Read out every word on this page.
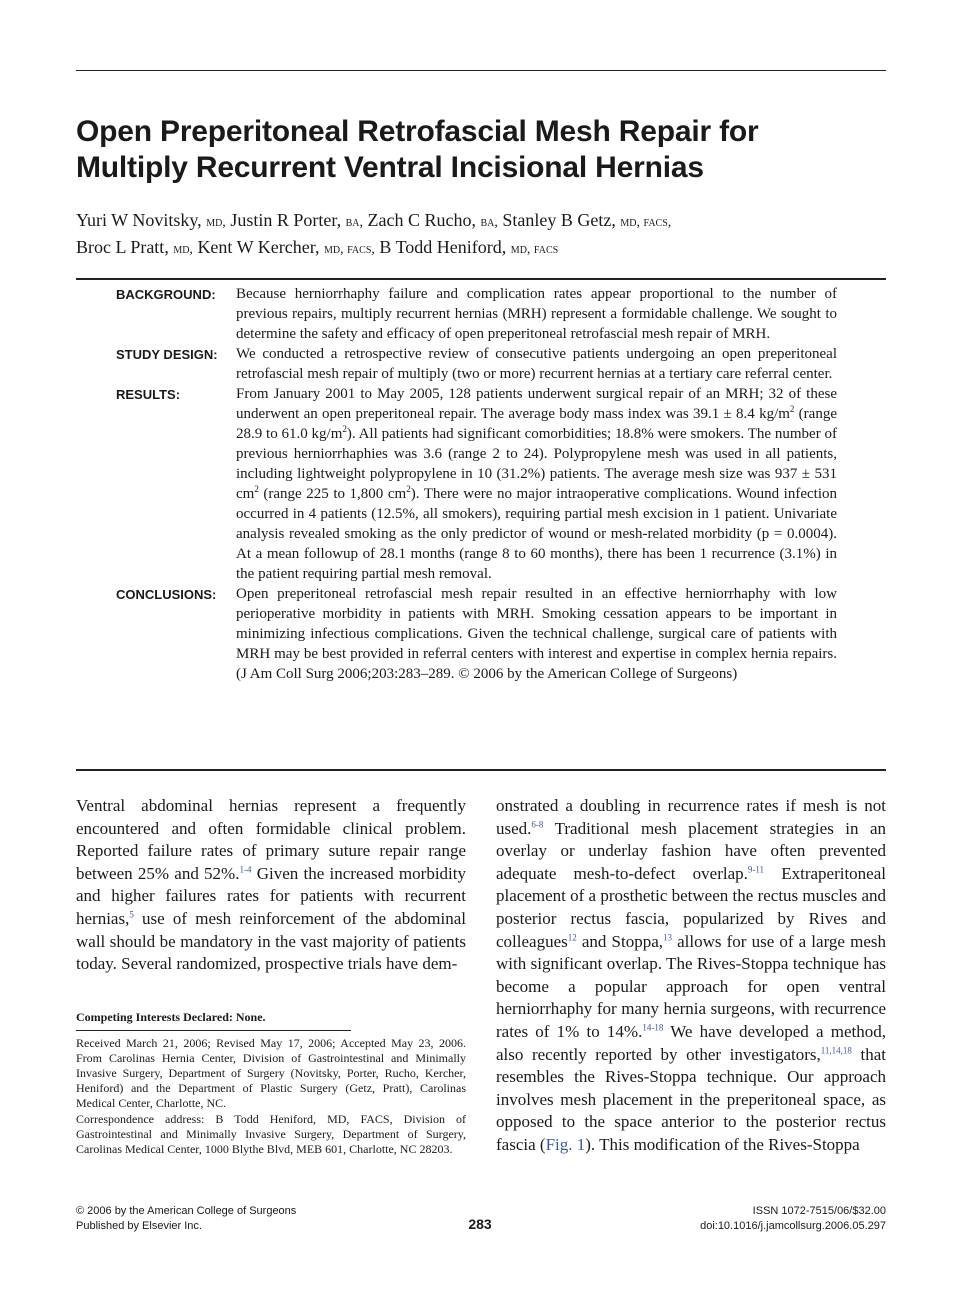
Open Preperitoneal Retrofascial Mesh Repair for
Multiply Recurrent Ventral Incisional Hernias
Yuri W Novitsky, md, Justin R Porter, ba, Zach C Rucho, ba, Stanley B Getz, md, facs,
Broc L Pratt, md, Kent W Kercher, md, facs, B Todd Heniford, md, facs
BACKGROUND:	Because herniorrhaphy failure and complication rates appear proportional to the number of previous repairs, multiply recurrent hernias (MRH) represent a formidable challenge. We sought to determine the safety and efficacy of open preperitoneal retrofascial mesh repair of MRH.

STUDY DESIGN:	We conducted a retrospective review of consecutive patients undergoing an open preperitoneal retrofascial mesh repair of multiply (two or more) recurrent hernias at a tertiary care referral center.

RESULTS:	From January 2001 to May 2005, 128 patients underwent surgical repair of an MRH; 32 of these underwent an open preperitoneal repair. The average body mass index was 39.1 ± 8.4 $kg/m^2$ (range 28.9 to 61.0 $kg/m^2$). All patients had significant comorbidities; 18.8% were smokers. The number of previous herniorrhaphies was 3.6 (range 2 to 24). Polypropylene mesh was used in all patients, including lightweight polypropylene in 10 (31.2%) patients. The average mesh size was 937 ± 531 $cm^2$ (range 225 to 1,800 $cm^2$). There were no major intraoperative complications. Wound infection occurred in 4 patients (12.5%, all smokers), requiring partial mesh excision in 1 patient. Univariate analysis revealed smoking as the only predictor of wound or mesh-related morbidity (p = 0.0004). At a mean followup of 28.1 months (range 8 to 60 months), there has been 1 recurrence (3.1%) in the patient requiring partial mesh removal.

CONCLUSIONS:	Open preperitoneal retrofascial mesh repair resulted in an effective herniorrhaphy with low perioperative morbidity in patients with MRH. Smoking cessation appears to be important in minimizing infectious complications. Given the technical challenge, surgical care of patients with MRH may be best provided in referral centers with interest and expertise in complex hernia repairs. (J Am Coll Surg 2006;203:283–289. © 2006 by the American College of Surgeons)

Ventral abdominal hernias represent a frequently encountered and often formidable clinical problem. Reported failure rates of primary suture repair range between 25% and 52%.$^{1-4}$ Given the increased morbidity and higher failures rates for patients with recurrent hernias,$^5$ use of mesh reinforcement of the abdominal wall should be mandatory in the vast majority of patients today. Several randomized, prospective trials have dem-

Competing Interests Declared: None.

Received March 21, 2006; Revised May 17, 2006; Accepted May 23, 2006. From Carolinas Hernia Center, Division of Gastrointestinal and Minimally Invasive Surgery, Department of Surgery (Novitsky, Porter, Rucho, Kercher, Heniford) and the Department of Plastic Surgery (Getz, Pratt), Carolinas Medical Center, Charlotte, NC.

Correspondence address: B Todd Heniford, MD, FACS, Division of Gastrointestinal and Minimally Invasive Surgery, Department of Surgery, Carolinas Medical Center, 1000 Blythe Blvd, MEB 601, Charlotte, NC 28203.

onstrated a doubling in recurrence rates if mesh is not used.$^{6-8}$ Traditional mesh placement strategies in an overlay or underlay fashion have often prevented adequate mesh-to-defect overlap.$^{9-11}$ Extraperitoneal placement of a prosthetic between the rectus muscles and posterior rectus fascia, popularized by Rives and colleagues$^{12}$ and Stoppa,$^{13}$ allows for use of a large mesh with significant overlap. The Rives-Stoppa technique has become a popular approach for open ventral herniorrhaphy for many hernia surgeons, with recurrence rates of 1% to 14%.$^{14-18}$ We have developed a method, also recently reported by other investigators,$^{11,14,18}$ that resembles the Rives-Stoppa technique. Our approach involves mesh placement in the preperitoneal space, as opposed to the space anterior to the posterior rectus fascia (Fig. 1). This modification of the Rives-Stoppa

© 2006 by the American College of Surgeons
Published by Elsevier Inc.	283
ISSN 1072-7515/06/$32.00
doi:10.1016/j.jamcollsurg.2006.05.297
